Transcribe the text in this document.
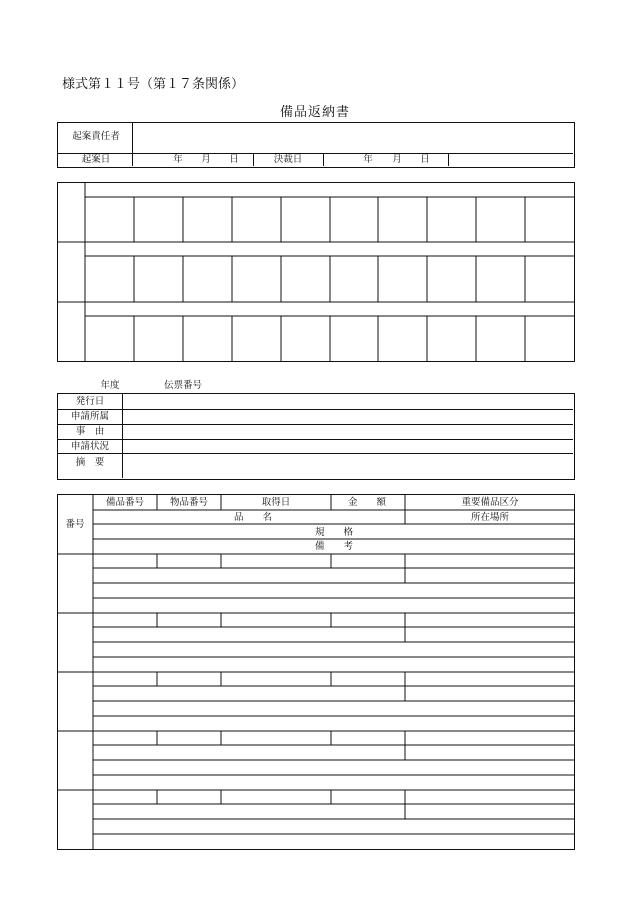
様式第１１号（第１７条関係）
備品返納書
起案責任者
起案日	年 月 日	決裁日	年 月 日
年度	伝票番号
発行日
申請所属
事　由
申請状況
摘　要
番号
備品番号	物品番号	取得日	金　　額	重要備品区分
品　　名	所在場所
規　　格
備　　考
